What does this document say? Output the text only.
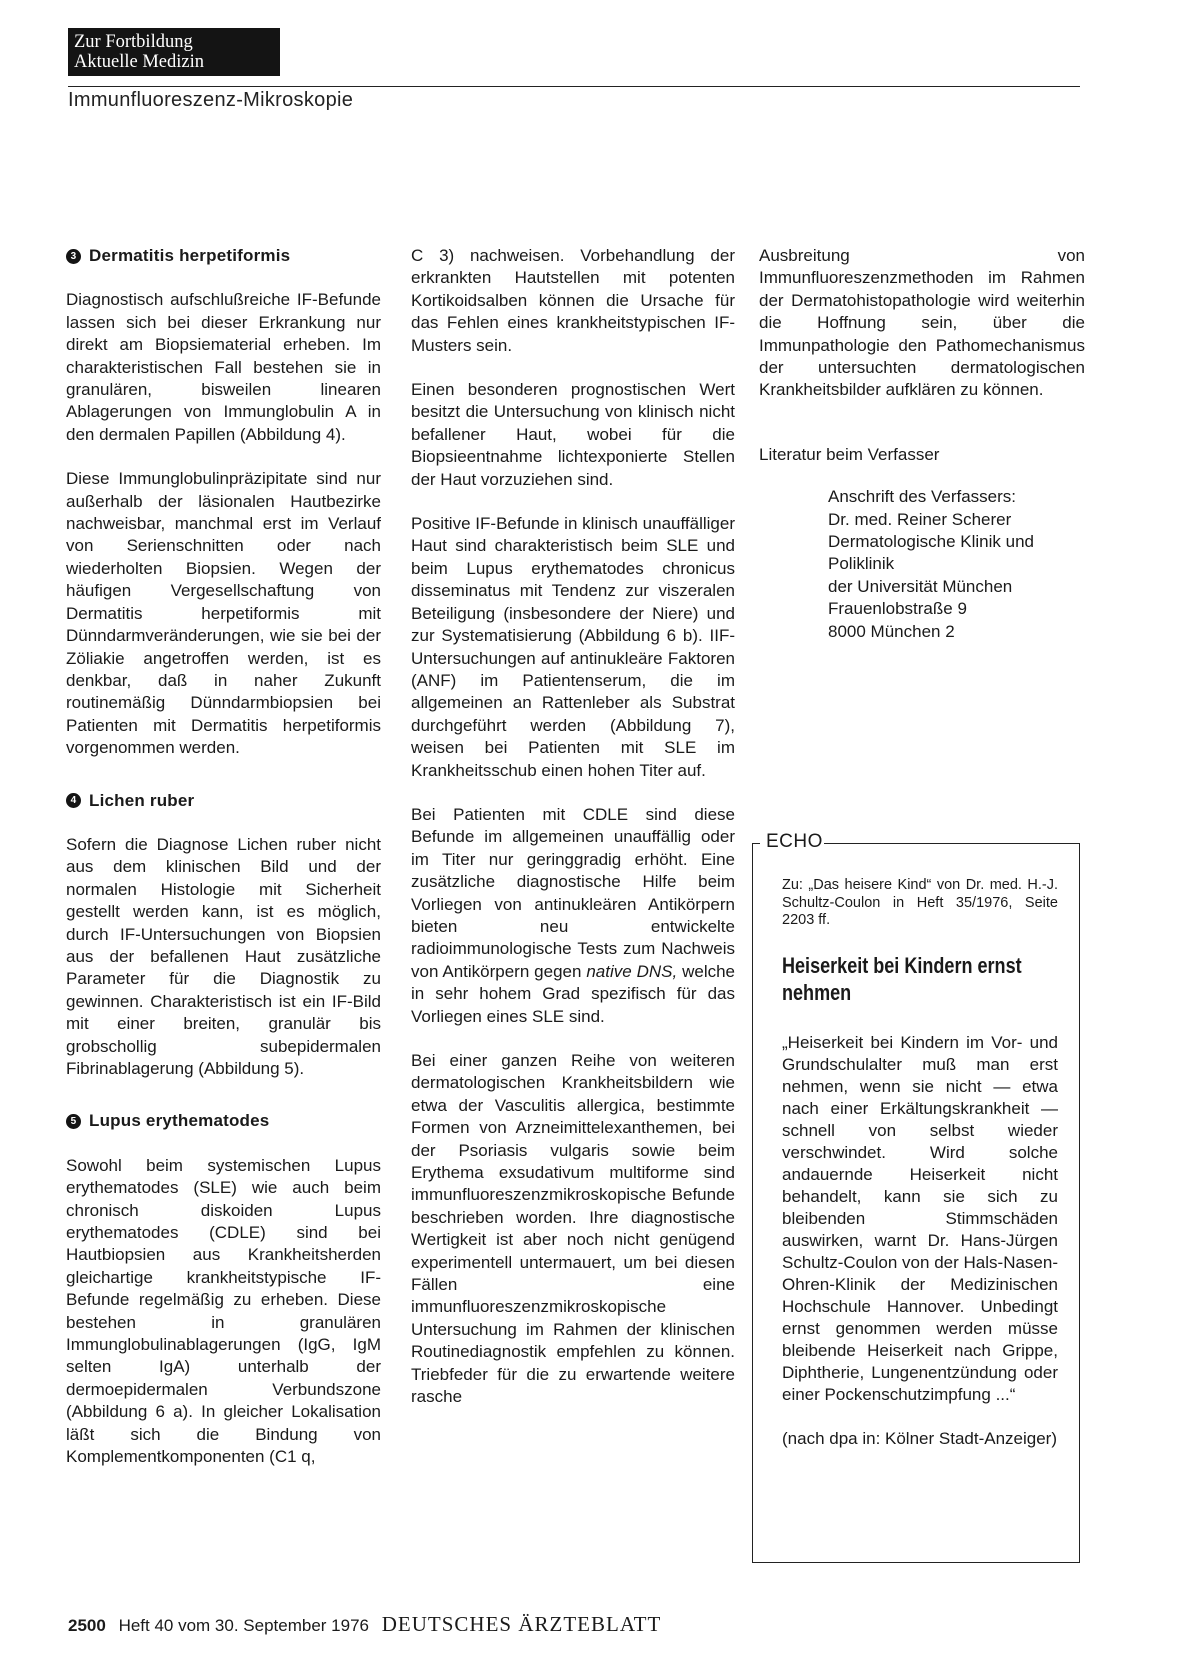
Zur Fortbildung
Aktuelle Medizin
Immunfluoreszenz-Mikroskopie
3 Dermatitis herpetiformis

Diagnostisch aufschlußreiche IF-Befunde lassen sich bei dieser Erkrankung nur direkt am Biopsiematerial erheben. Im charakteristischen Fall bestehen sie in granulären, bisweilen linearen Ablagerungen von Immunglobulin A in den dermalen Papillen (Abbildung 4).

Diese Immunglobulinpräzipitate sind nur außerhalb der läsionalen Hautbezirke nachweisbar, manchmal erst im Verlauf von Serienschnitten oder nach wiederholten Biopsien. Wegen der häufigen Vergesellschaftung von Dermatitis herpetiformis mit Dünndarmveränderungen, wie sie bei der Zöliakie angetroffen werden, ist es denkbar, daß in naher Zukunft routinemäßig Dünndarmbiopsien bei Patienten mit Dermatitis herpetiformis vorgenommen werden.

4 Lichen ruber

Sofern die Diagnose Lichen ruber nicht aus dem klinischen Bild und der normalen Histologie mit Sicherheit gestellt werden kann, ist es möglich, durch IF-Untersuchungen von Biopsien aus der befallenen Haut zusätzliche Parameter für die Diagnostik zu gewinnen. Charakteristisch ist ein IF-Bild mit einer breiten, granulär bis grobschollig subepidermalen Fibrinablagerung (Abbildung 5).

5 Lupus erythematodes

Sowohl beim systemischen Lupus erythematodes (SLE) wie auch beim chronisch diskoiden Lupus erythematodes (CDLE) sind bei Hautbiopsien aus Krankheitsherden gleichartige krankheitstypische IF-Befunde regelmäßig zu erheben. Diese bestehen in granulären Immunglobulinablagerungen (IgG, IgM selten IgA) unterhalb der dermoepidermalen Verbundszone (Abbildung 6 a). In gleicher Lokalisation läßt sich die Bindung von Komplementkomponenten (C1 q,

C 3) nachweisen. Vorbehandlung der erkrankten Hautstellen mit potenten Kortikoidsalben können die Ursache für das Fehlen eines krankheitstypischen IF-Musters sein.

Einen besonderen prognostischen Wert besitzt die Untersuchung von klinisch nicht befallener Haut, wobei für die Biopsieentnahme lichtexponierte Stellen der Haut vorzuziehen sind.

Positive IF-Befunde in klinisch unauffälliger Haut sind charakteristisch beim SLE und beim Lupus erythematodes chronicus disseminatus mit Tendenz zur viszeralen Beteiligung (insbesondere der Niere) und zur Systematisierung (Abbildung 6 b). IIF-Untersuchungen auf antinukleäre Faktoren (ANF) im Patientenserum, die im allgemeinen an Rattenleber als Substrat durchgeführt werden (Abbildung 7), weisen bei Patienten mit SLE im Krankheitsschub einen hohen Titer auf.

Bei Patienten mit CDLE sind diese Befunde im allgemeinen unauffällig oder im Titer nur geringgradig erhöht. Eine zusätzliche diagnostische Hilfe beim Vorliegen von antinukleären Antikörpern bieten neu entwickelte radioimmunologische Tests zum Nachweis von Antikörpern gegen native DNS, welche in sehr hohem Grad spezifisch für das Vorliegen eines SLE sind.

Bei einer ganzen Reihe von weiteren dermatologischen Krankheitsbildern wie etwa der Vasculitis allergica, bestimmte Formen von Arzneimittelexanthemen, bei der Psoriasis vulgaris sowie beim Erythema exsudativum multiforme sind immunfluoreszenzmikroskopische Befunde beschrieben worden. Ihre diagnostische Wertigkeit ist aber noch nicht genügend experimentell untermauert, um bei diesen Fällen eine immunfluoreszenzmikroskopische Untersuchung im Rahmen der klinischen Routinediagnostik empfehlen zu können. Triebfeder für die zu erwartende weitere rasche

Ausbreitung von Immunfluoreszenzmethoden im Rahmen der Dermatohistopathologie wird weiterhin die Hoffnung sein, über die Immunpathologie den Pathomechanismus der untersuchten dermatologischen Krankheitsbilder aufklären zu können.

Literatur beim Verfasser
Anschrift des Verfassers:
Dr. med. Reiner Scherer
Dermatologische Klinik und
Poliklinik
der Universität München
Frauenlobstraße 9
8000 München 2
ECHO

Zu: „Das heisere Kind“ von Dr. med. H.-J. Schultz-Coulon in Heft 35/1976, Seite 2203 ff.

Heiserkeit bei Kindern ernst nehmen

„Heiserkeit bei Kindern im Vor- und Grundschulalter muß man erst nehmen, wenn sie nicht — etwa nach einer Erkältungskrankheit — schnell von selbst wieder verschwindet. Wird solche andauernde Heiserkeit nicht behandelt, kann sie sich zu bleibenden Stimmschäden auswirken, warnt Dr. Hans-Jürgen Schultz-Coulon von der Hals-Nasen-Ohren-Klinik der Medizinischen Hochschule Hannover. Unbedingt ernst genommen werden müsse bleibende Heiserkeit nach Grippe, Diphtherie, Lungenentzündung oder einer Pockenschutzimpfung ...“

(nach dpa in: Kölner Stadt-Anzeiger)

2500 Heft 40 vom 30. September 1976 DEUTSCHES ÄRZTEBLATT
